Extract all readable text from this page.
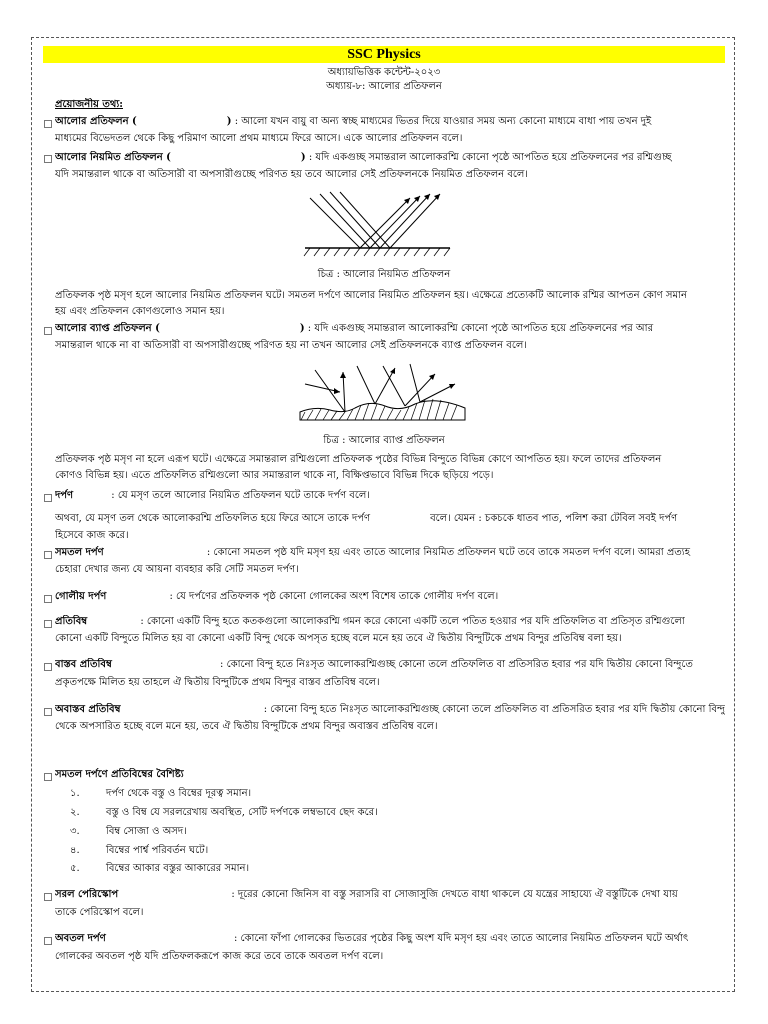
SSC Physics
অধ্যায়ভিত্তিক কন্টেন্ট-২০২৩
অধ্যায়-৮: আলোর প্রতিফলন
প্রয়োজনীয় তথ্য:
আলোর প্রতিফলন (	) : আলো যখন বায়ু বা অন্য স্বচ্ছ মাধ্যমের ভিতর দিয়ে যাওয়ার সময় অন্য কোনো মাধ্যমে বাধা পায় তখন দুই
মাধ্যমের বিভেদতল থেকে কিছু পরিমাণ আলো প্রথম মাধ্যমে ফিরে আসে। একে আলোর প্রতিফলন বলে।
আলোর নিয়মিত প্রতিফলন (	) : যদি একগুচ্ছ সমান্তরাল আলোকরশ্মি কোনো পৃষ্ঠে আপতিত হয়ে প্রতিফলনের পর রশ্মিগুচ্ছ
যদি সমান্তরাল থাকে বা অতিসারী বা অপসারীগুচ্ছে পরিণত হয় তবে আলোর সেই প্রতিফলনকে নিয়মিত প্রতিফলন বলে।
চিত্র : আলোর নিয়মিত প্রতিফলন
প্রতিফলক পৃষ্ঠ মসৃণ হলে আলোর নিয়মিত প্রতিফলন ঘটে। সমতল দর্পণে আলোর নিয়মিত প্রতিফলন হয়। এক্ষেত্রে প্রত্যেকটি আলোক রশ্মির আপতন কোণ সমান
হয় এবং প্রতিফলন কোণগুলোও সমান হয়।
আলোর ব্যাপ্ত প্রতিফলন (	) : যদি একগুচ্ছ সমান্তরাল আলোকরশ্মি কোনো পৃষ্ঠে আপতিত হয়ে প্রতিফলনের পর আর
সমান্তরাল থাকে না বা অতিসারী বা অপসারীগুচ্ছে পরিণত হয় না তখন আলোর সেই প্রতিফলনকে ব্যাপ্ত প্রতিফলন বলে।
চিত্র : আলোর ব্যাপ্ত প্রতিফলন
প্রতিফলক পৃষ্ঠ মসৃণ না হলে এরূপ ঘটে। এক্ষেত্রে সমান্তরাল রশ্মিগুলো প্রতিফলক পৃষ্ঠের বিভিন্ন বিন্দুতে বিভিন্ন কোণে আপতিত হয়। ফলে তাদের প্রতিফলন
কোণও বিভিন্ন হয়। এতে প্রতিফলিত রশ্মিগুলো আর সমান্তরাল থাকে না, বিক্ষিপ্তভাবে বিভিন্ন দিকে ছড়িয়ে পড়ে।
দর্পণ	: যে মসৃণ তলে আলোর নিয়মিত প্রতিফলন ঘটে তাকে দর্পণ বলে।
অথবা, যে মসৃণ তল থেকে আলোকরশ্মি প্রতিফলিত হয়ে ফিরে আসে তাকে দর্পণ	বলে। যেমন : চকচকে ধাতব পাত, পলিশ করা টেবিল সবই দর্পণ
হিসেবে কাজ করে।
সমতল দর্পণ	: কোনো সমতল পৃষ্ঠ যদি মসৃণ হয় এবং তাতে আলোর নিয়মিত প্রতিফলন ঘটে তবে তাকে সমতল দর্পণ বলে। আমরা প্রত্যহ
চেহারা দেখার জন্য যে আয়না ব্যবহার করি সেটি সমতল দর্পণ।
গোলীয় দর্পণ	: যে দর্পণের প্রতিফলক পৃষ্ঠ কোনো গোলকের অংশ বিশেষ তাকে গোলীয় দর্পণ বলে।
প্রতিবিম্ব	: কোনো একটি বিন্দু হতে কতকগুলো আলোকরশ্মি গমন করে কোনো একটি তলে পতিত হওয়ার পর যদি প্রতিফলিত বা প্রতিসৃত রশ্মিগুলো
কোনো একটি বিন্দুতে মিলিত হয় বা কোনো একটি বিন্দু থেকে অপসৃত হচ্ছে বলে মনে হয় তবে ঐ দ্বিতীয় বিন্দুটিকে প্রথম বিন্দুর প্রতিবিম্ব বলা হয়।
বাস্তব প্রতিবিম্ব	: কোনো বিন্দু হতে নিঃসৃত আলোকরশ্মিগুচ্ছ কোনো তলে প্রতিফলিত বা প্রতিসরিত হবার পর যদি দ্বিতীয় কোনো বিন্দুতে
প্রকৃতপক্ষে মিলিত হয় তাহলে ঐ দ্বিতীয় বিন্দুটিকে প্রথম বিন্দুর বাস্তব প্রতিবিম্ব বলে।
অবাস্তব প্রতিবিম্ব	: কোনো বিন্দু হতে নিঃসৃত আলোকরশ্মিগুচ্ছ কোনো তলে প্রতিফলিত বা প্রতিসরিত হবার পর যদি দ্বিতীয় কোনো বিন্দু
থেকে অপসারিত হচ্ছে বলে মনে হয়, তবে ঐ দ্বিতীয় বিন্দুটিকে প্রথম বিন্দুর অবাস্তব প্রতিবিম্ব বলে।
সমতল দর্পণে প্রতিবিম্বের বৈশিষ্ট্য
১.	দর্পণ থেকে বস্তু ও বিম্বের দূরত্ব সমান।
২.	বস্তু ও বিম্ব যে সরলরেখায় অবস্থিত, সেটি দর্পণকে লম্বভাবে ছেদ করে।
৩.	বিম্ব সোজা ও অসদ।
৪.	বিম্বের পার্শ্ব পরিবর্তন ঘটে।
৫.	বিম্বের আকার বস্তুর আকারের সমান।
সরল পেরিস্কোপ	: দূরের কোনো জিনিস বা বস্তু সরাসরি বা সোজাসুজি দেখতে বাধা থাকলে যে যন্ত্রের সাহায্যে ঐ বস্তুটিকে দেখা যায়
তাকে পেরিস্কোপ বলে।
অবতল দর্পণ	: কোনো ফাঁপা গোলকের ভিতরের পৃষ্ঠের কিছু অংশ যদি মসৃণ হয় এবং তাতে আলোর নিয়মিত প্রতিফলন ঘটে অর্থাৎ
গোলকের অবতল পৃষ্ঠ যদি প্রতিফলকরূপে কাজ করে তবে তাকে অবতল দর্পণ বলে।
